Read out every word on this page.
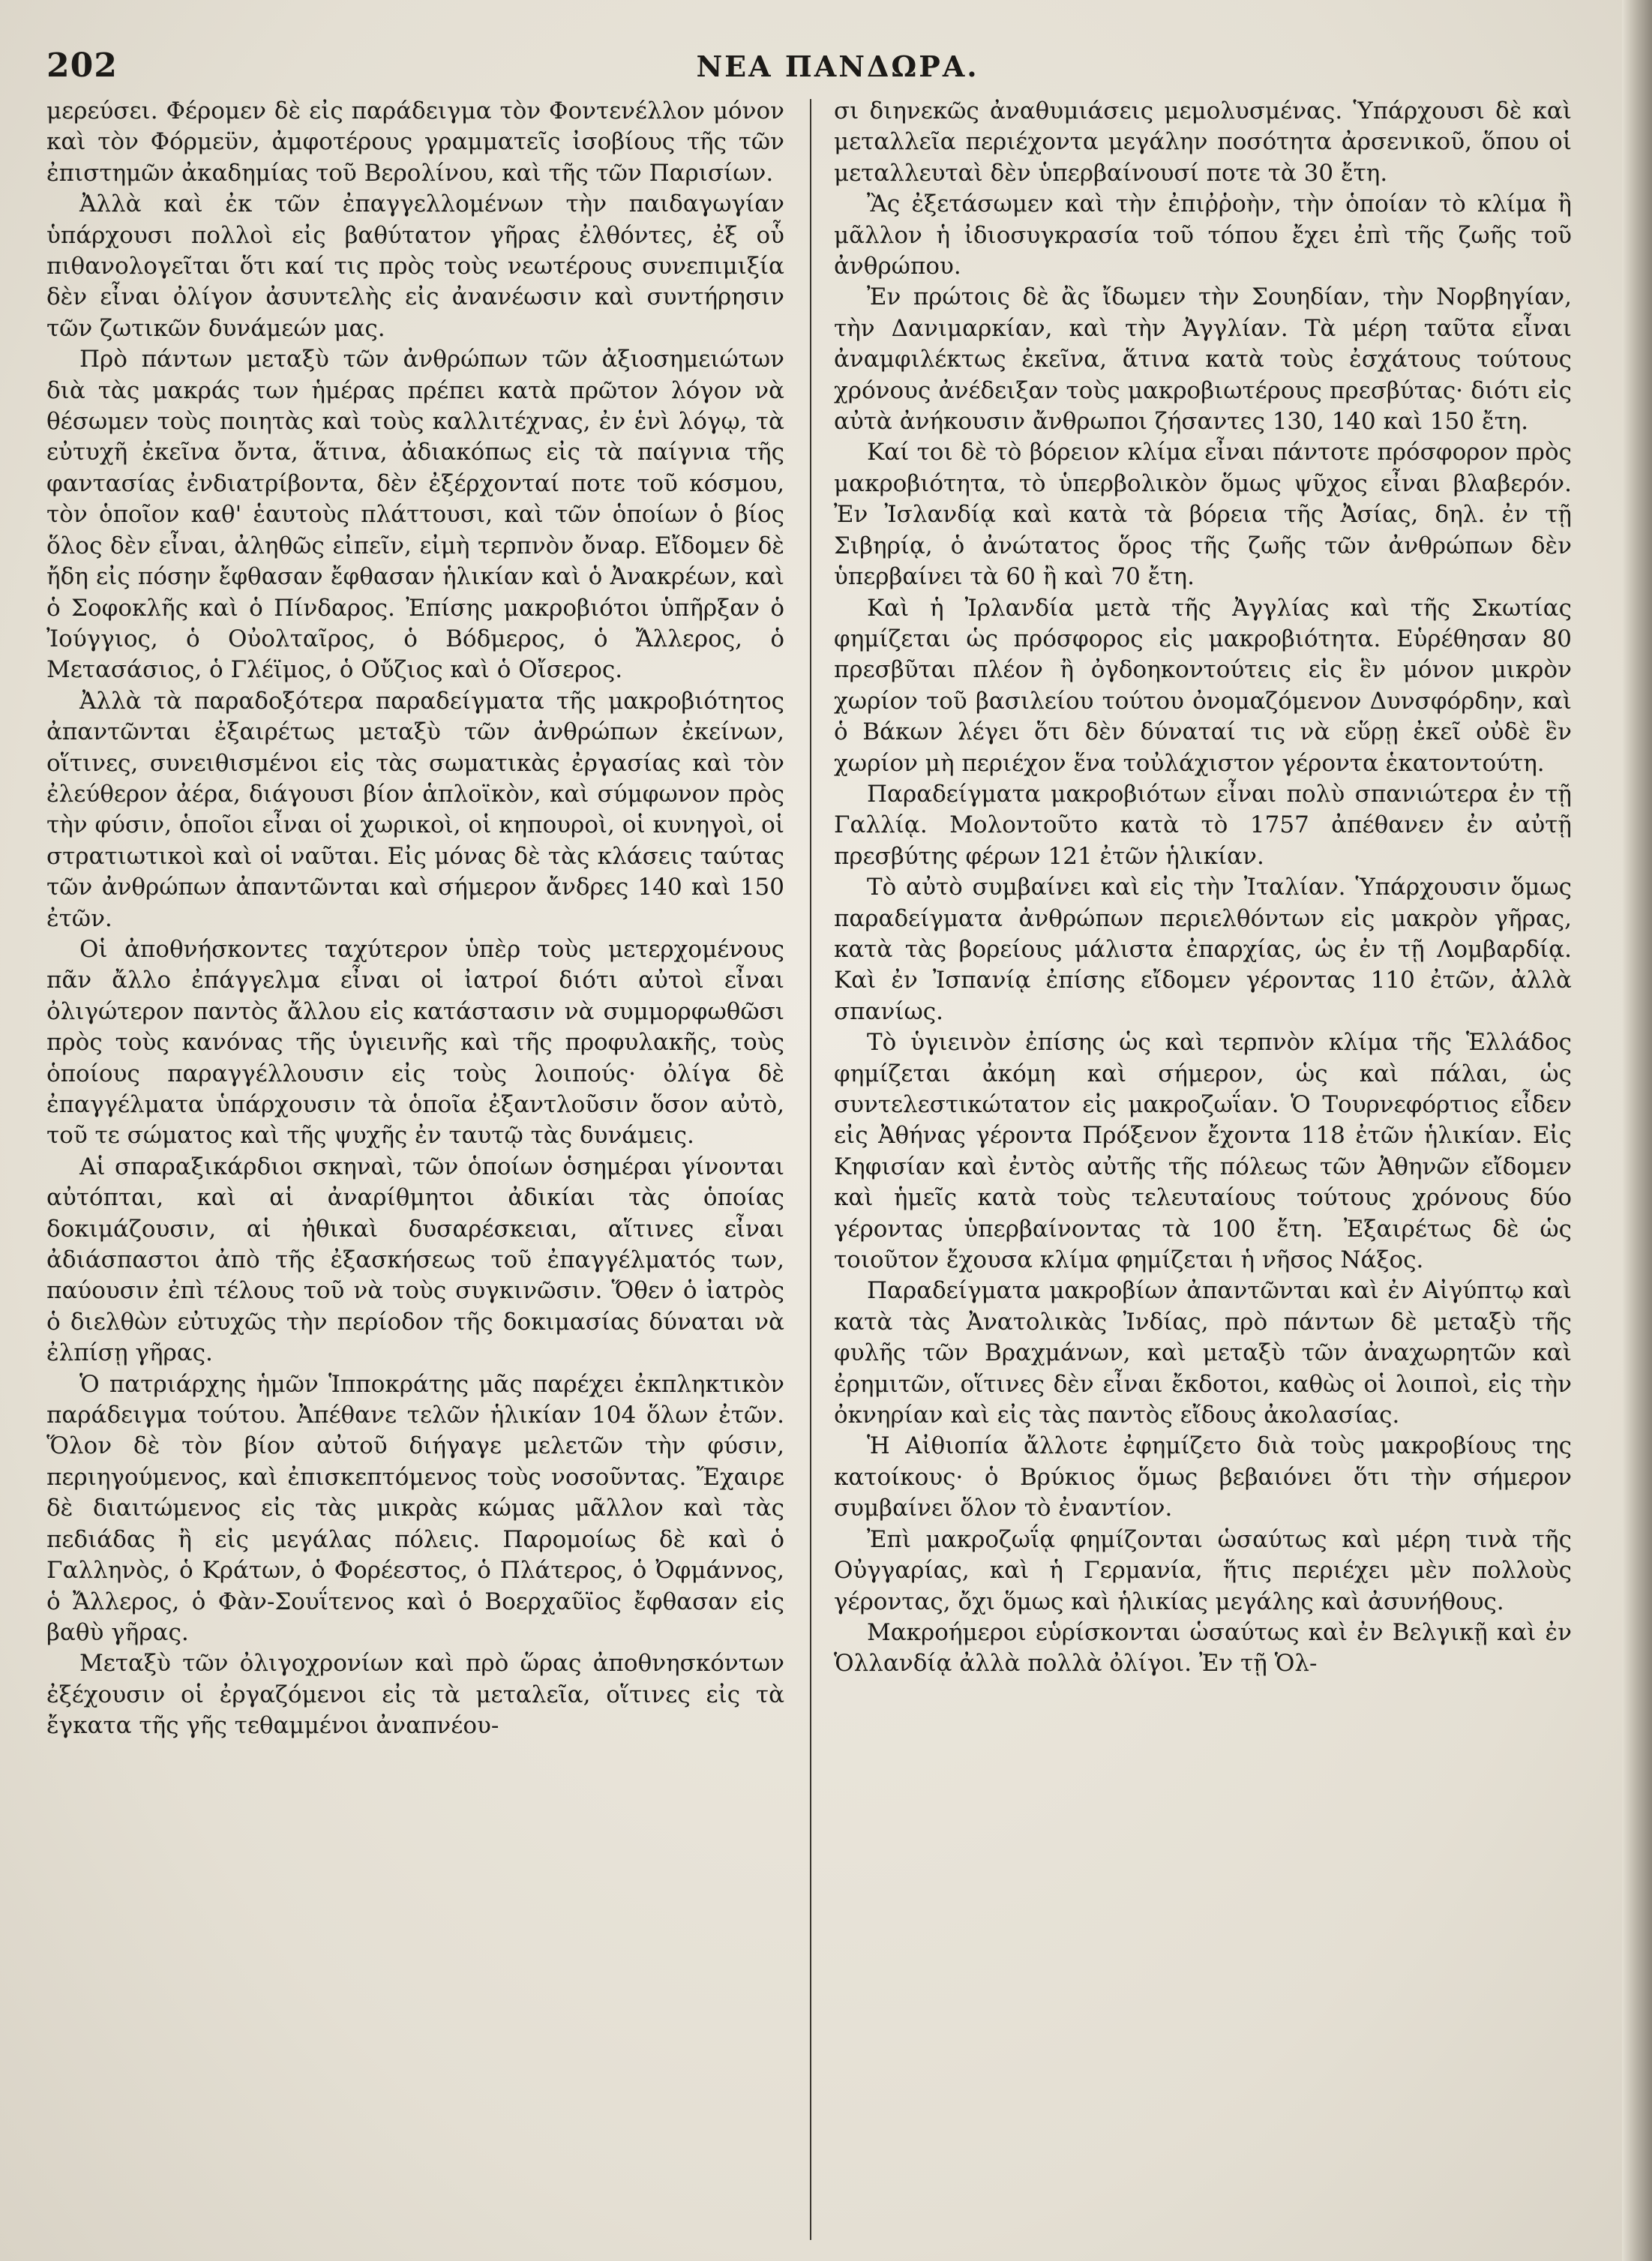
202	ΝΕΑ ΠΑΝΔΩΡΑ.

μερεύσει. Φέρομεν δὲ εἰς παράδειγμα τὸν Φοντενέλλον μόνον καὶ τὸν Φόρμεϋν, ἀμφοτέρους γραμματεῖς ἰσοβίους τῆς τῶν ἐπιστημῶν ἀκαδημίας τοῦ Βερολίνου, καὶ τῆς τῶν Παρισίων.

Ἀλλὰ καὶ ἐκ τῶν ἐπαγγελλομένων τὴν παιδαγωγίαν ὑπάρχουσι πολλοὶ εἰς βαθύτατον γῆρας ἐλθόντες, ἐξ οὗ πιθανολογεῖται ὅτι καί τις πρὸς τοὺς νεωτέρους συνεπιμιξία δὲν εἶναι ὀλίγον ἀσυντελὴς εἰς ἀνανέωσιν καὶ συντήρησιν τῶν ζωτικῶν δυνάμεών μας.

Πρὸ πάντων μεταξὺ τῶν ἀνθρώπων τῶν ἀξιοσημειώτων διὰ τὰς μακράς των ἡμέρας πρέπει κατὰ πρῶτον λόγον νὰ θέσωμεν τοὺς ποιητὰς καὶ τοὺς καλλιτέχνας, ἐν ἑνὶ λόγῳ, τὰ εὐτυχῆ ἐκεῖνα ὄντα, ἅτινα, ἀδιακόπως εἰς τὰ παίγνια τῆς φαντασίας ἐνδιατρίβοντα, δὲν ἐξέρχονταί ποτε τοῦ κόσμου, τὸν ὁποῖον καθ' ἑαυτοὺς πλάττουσι, καὶ τῶν ὁποίων ὁ βίος ὅλος δὲν εἶναι, ἀληθῶς εἰπεῖν, εἰμὴ τερπνὸν ὄναρ. Εἴδομεν δὲ ἤδη εἰς πόσην ἔφθασαν ἔφθασαν ἡλικίαν καὶ ὁ Ἀνακρέων, καὶ ὁ Σοφοκλῆς καὶ ὁ Πίνδαρος. Ἐπίσης μακροβιότοι ὑπῆρξαν ὁ Ἰούγγιος, ὁ Οὐολταῖρος, ὁ Βόδμερος, ὁ Ἄλλερος, ὁ Μετασάσιος, ὁ Γλέϊμος, ὁ Οὔζιος καὶ ὁ Οἴσερος.

Ἀλλὰ τὰ παραδοξότερα παραδείγματα τῆς μακροβιότητος ἀπαντῶνται ἐξαιρέτως μεταξὺ τῶν ἀνθρώπων ἐκείνων, οἵτινες, συνειθισμένοι εἰς τὰς σωματικὰς ἐργασίας καὶ τὸν ἐλεύθερον ἀέρα, διάγουσι βίον ἁπλοϊκὸν, καὶ σύμφωνον πρὸς τὴν φύσιν, ὁποῖοι εἶναι οἱ χωρικοὶ, οἱ κηπουροὶ, οἱ κυνηγοὶ, οἱ στρατιωτικοὶ καὶ οἱ ναῦται. Εἰς μόνας δὲ τὰς κλάσεις ταύτας τῶν ἀνθρώπων ἀπαντῶνται καὶ σήμερον ἄνδρες 140 καὶ 150 ἐτῶν.

Οἱ ἀποθνήσκοντες ταχύτερον ὑπὲρ τοὺς μετερχομένους πᾶν ἄλλο ἐπάγγελμα εἶναι οἱ ἰατροί διότι αὐτοὶ εἶναι ὀλιγώτερον παντὸς ἄλλου εἰς κατάστασιν νὰ συμμορφωθῶσι πρὸς τοὺς κανόνας τῆς ὑγιεινῆς καὶ τῆς προφυλακῆς, τοὺς ὁποίους παραγγέλλουσιν εἰς τοὺς λοιπούς· ὀλίγα δὲ ἐπαγγέλματα ὑπάρχουσιν τὰ ὁποῖα ἐξαντλοῦσιν ὅσον αὐτὸ, τοῦ τε σώματος καὶ τῆς ψυχῆς ἐν ταυτῷ τὰς δυνάμεις.

Αἱ σπαραξικάρδιοι σκηναὶ, τῶν ὁποίων ὁσημέραι γίνονται αὐτόπται, καὶ αἱ ἀναρίθμητοι ἀδικίαι τὰς ὁποίας δοκιμάζουσιν, αἱ ἠθικαὶ δυσαρέσκειαι, αἵτινες εἶναι ἀδιάσπαστοι ἀπὸ τῆς ἐξασκήσεως τοῦ ἐπαγγέλματός των, παύουσιν ἐπὶ τέλους τοῦ νὰ τοὺς συγκινῶσιν. Ὅθεν ὁ ἰατρὸς ὁ διελθὼν εὐτυχῶς τὴν περίοδον τῆς δοκιμασίας δύναται νὰ ἐλπίσῃ γῆρας.

Ὁ πατριάρχης ἡμῶν Ἱπποκράτης μᾶς παρέχει ἐκπληκτικὸν παράδειγμα τούτου. Ἀπέθανε τελῶν ἡλικίαν 104 ὅλων ἐτῶν. Ὅλον δὲ τὸν βίον αὐτοῦ διήγαγε μελετῶν τὴν φύσιν, περιηγούμενος, καὶ ἐπισκεπτόμενος τοὺς νοσοῦντας. Ἔχαιρε δὲ διαιτώμενος εἰς τὰς μικρὰς κώμας μᾶλλον καὶ τὰς πεδιάδας ἢ εἰς μεγάλας πόλεις. Παρομοίως δὲ καὶ ὁ Γαλληνὸς, ὁ Κράτων, ὁ Φορέεστος, ὁ Πλάτερος, ὁ Ὀφμάννος, ὁ Ἄλλερος, ὁ Φὰν-Σουΐτενος καὶ ὁ Βοερχαῦϊος ἔφθασαν εἰς βαθὺ γῆρας.

Μεταξὺ τῶν ὀλιγοχρονίων καὶ πρὸ ὥρας ἀποθνησκόντων ἐξέχουσιν οἱ ἐργαζόμενοι εἰς τὰ μεταλεῖα, οἵτινες εἰς τὰ ἔγκατα τῆς γῆς τεθαμμένοι ἀναπνέου-

σι διηνεκῶς ἀναθυμιάσεις μεμολυσμένας. Ὑπάρχουσι δὲ καὶ μεταλλεῖα περιέχοντα μεγάλην ποσότητα ἀρσενικοῦ, ὅπου οἱ μεταλλευταὶ δὲν ὑπερβαίνουσί ποτε τὰ 30 ἔτη.

Ἂς ἐξετάσωμεν καὶ τὴν ἐπιῤῥοὴν, τὴν ὁποίαν τὸ κλίμα ἢ μᾶλλον ἡ ἰδιοσυγκρασία τοῦ τόπου ἔχει ἐπὶ τῆς ζωῆς τοῦ ἀνθρώπου.

Ἐν πρώτοις δὲ ἂς ἴδωμεν τὴν Σουηδίαν, τὴν Νορβηγίαν, τὴν Δανιμαρκίαν, καὶ τὴν Ἀγγλίαν. Τὰ μέρη ταῦτα εἶναι ἀναμφιλέκτως ἐκεῖνα, ἅτινα κατὰ τοὺς ἐσχάτους τούτους χρόνους ἀνέδειξαν τοὺς μακροβιωτέρους πρεσβύτας· διότι εἰς αὐτὰ ἀνήκουσιν ἄνθρωποι ζήσαντες 130, 140 καὶ 150 ἔτη.

Καί τοι δὲ τὸ βόρειον κλίμα εἶναι πάντοτε πρόσφορον πρὸς μακροβιότητα, τὸ ὑπερβολικὸν ὅμως ψῦχος εἶναι βλαβερόν. Ἐν Ἰσλανδίᾳ καὶ κατὰ τὰ βόρεια τῆς Ἀσίας, δηλ. ἐν τῇ Σιβηρίᾳ, ὁ ἀνώτατος ὅρος τῆς ζωῆς τῶν ἀνθρώπων δὲν ὑπερβαίνει τὰ 60 ἢ καὶ 70 ἔτη.

Καὶ ἡ Ἰρλανδία μετὰ τῆς Ἀγγλίας καὶ τῆς Σκωτίας φημίζεται ὡς πρόσφορος εἰς μακροβιότητα. Εὑρέθησαν 80 πρεσβῦται πλέον ἢ ὀγδοηκοντούτεις εἰς ἓν μόνον μικρὸν χωρίον τοῦ βασιλείου τούτου ὀνομαζόμενον Δυνσφόρδην, καὶ ὁ Βάκων λέγει ὅτι δὲν δύναταί τις νὰ εὕρῃ ἐκεῖ οὐδὲ ἓν χωρίον μὴ περιέχον ἕνα τοὐλάχιστον γέροντα ἑκατοντούτη.

Παραδείγματα μακροβιότων εἶναι πολὺ σπανιώτερα ἐν τῇ Γαλλίᾳ. Μολοντοῦτο κατὰ τὸ 1757 ἀπέθανεν ἐν αὐτῇ πρεσβύτης φέρων 121 ἐτῶν ἡλικίαν.

Τὸ αὐτὸ συμβαίνει καὶ εἰς τὴν Ἰταλίαν. Ὑπάρχουσιν ὅμως παραδείγματα ἀνθρώπων περιελθόντων εἰς μακρὸν γῆρας, κατὰ τὰς βορείους μάλιστα ἐπαρχίας, ὡς ἐν τῇ Λομβαρδίᾳ. Καὶ ἐν Ἰσπανίᾳ ἐπίσης εἴδομεν γέροντας 110 ἐτῶν, ἀλλὰ σπανίως.

Τὸ ὑγιεινὸν ἐπίσης ὡς καὶ τερπνὸν κλίμα τῆς Ἑλλάδος φημίζεται ἀκόμη καὶ σήμερον, ὡς καὶ πάλαι, ὡς συντελεστικώτατον εἰς μακροζωΐαν. Ὁ Τουρνεφόρτιος εἶδεν εἰς Ἀθήνας γέροντα Πρόξενον ἔχοντα 118 ἐτῶν ἡλικίαν. Εἰς Κηφισίαν καὶ ἐντὸς αὐτῆς τῆς πόλεως τῶν Ἀθηνῶν εἴδομεν καὶ ἡμεῖς κατὰ τοὺς τελευταίους τούτους χρόνους δύο γέροντας ὑπερβαίνοντας τὰ 100 ἔτη. Ἐξαιρέτως δὲ ὡς τοιοῦτον ἔχουσα κλίμα φημίζεται ἡ νῆσος Νάξος.

Παραδείγματα μακροβίων ἀπαντῶνται καὶ ἐν Αἰγύπτῳ καὶ κατὰ τὰς Ἀνατολικὰς Ἰνδίας, πρὸ πάντων δὲ μεταξὺ τῆς φυλῆς τῶν Βραχμάνων, καὶ μεταξὺ τῶν ἀναχωρητῶν καὶ ἐρημιτῶν, οἵτινες δὲν εἶναι ἔκδοτοι, καθὼς οἱ λοιποὶ, εἰς τὴν ὀκνηρίαν καὶ εἰς τὰς παντὸς εἴδους ἀκολασίας.

Ἡ Αἰθιοπία ἄλλοτε ἐφημίζετο διὰ τοὺς μακροβίους της κατοίκους· ὁ Βρύκιος ὅμως βεβαιόνει ὅτι τὴν σήμερον συμβαίνει ὅλον τὸ ἐναντίον.

Ἐπὶ μακροζωΐᾳ φημίζονται ὡσαύτως καὶ μέρη τινὰ τῆς Οὐγγαρίας, καὶ ἡ Γερμανία, ἥτις περιέχει μὲν πολλοὺς γέροντας, ὄχι ὅμως καὶ ἡλικίας μεγάλης καὶ ἀσυνήθους.

Μακροήμεροι εὑρίσκονται ὡσαύτως καὶ ἐν Βελγικῇ καὶ ἐν Ὁλλανδίᾳ ἀλλὰ πολλὰ ὀλίγοι. Ἐν τῇ Ὁλ-
